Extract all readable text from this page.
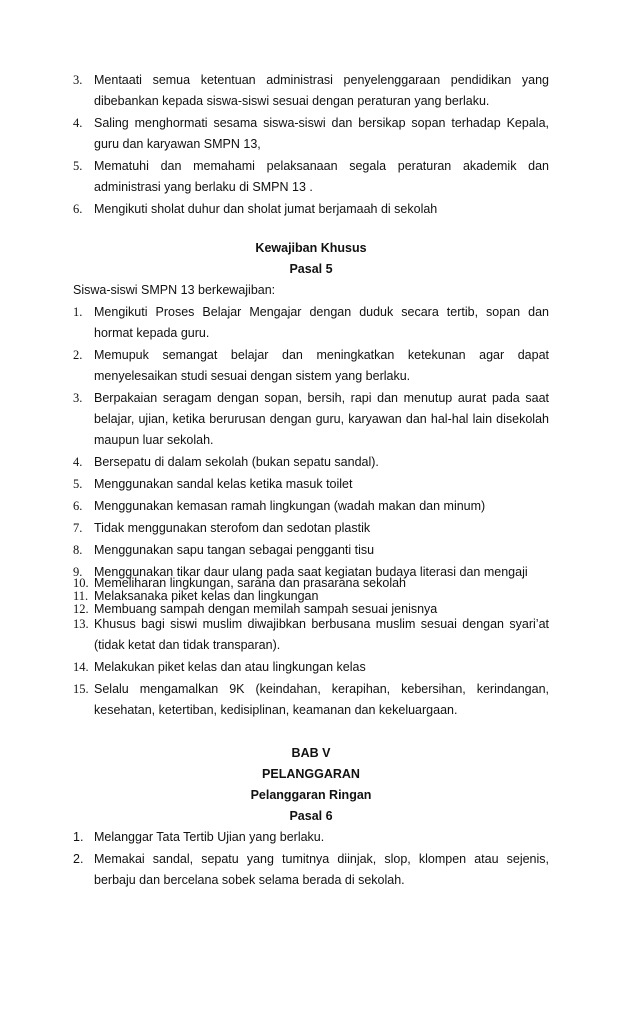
3. Mentaati semua ketentuan administrasi penyelenggaraan pendidikan yang dibebankan kepada siswa-siswi sesuai dengan peraturan yang berlaku.
4. Saling menghormati sesama siswa-siswi dan bersikap sopan terhadap Kepala, guru dan karyawan SMPN 13,
5. Mematuhi dan memahami pelaksanaan segala peraturan akademik dan administrasi yang berlaku di SMPN 13 .
6. Mengikuti sholat duhur dan sholat jumat berjamaah di sekolah
Kewajiban Khusus
Pasal 5
Siswa-siswi SMPN 13 berkewajiban:
1. Mengikuti Proses Belajar Mengajar dengan duduk secara tertib, sopan dan hormat kepada guru.
2. Memupuk semangat belajar dan meningkatkan ketekunan agar dapat menyelesaikan studi sesuai dengan sistem yang berlaku.
3. Berpakaian seragam dengan sopan, bersih, rapi dan menutup aurat pada saat belajar, ujian, ketika berurusan dengan guru, karyawan dan hal-hal lain disekolah maupun luar sekolah.
4. Bersepatu di dalam sekolah (bukan sepatu sandal).
5. Menggunakan sandal kelas ketika masuk toilet
6. Menggunakan kemasan ramah lingkungan (wadah makan dan minum)
7. Tidak menggunakan sterofom dan sedotan plastik
8. Menggunakan sapu tangan sebagai pengganti tisu
9. Menggunakan tikar daur ulang pada saat kegiatan budaya literasi dan mengaji
10. Memeliharan lingkungan, sarana dan prasarana sekolah
11. Melaksanaka piket kelas dan lingkungan
12. Membuang sampah dengan memilah sampah sesuai jenisnya
13. Khusus bagi siswi muslim diwajibkan berbusana muslim sesuai dengan syari’at (tidak ketat dan tidak transparan).
14. Melakukan piket kelas dan atau lingkungan kelas
15. Selalu mengamalkan 9K (keindahan, kerapihan, kebersihan, kerindangan, kesehatan, ketertiban, kedisiplinan, keamanan dan kekeluargaan.
BAB V
PELANGGARAN
Pelanggaran Ringan
Pasal 6
1. Melanggar Tata Tertib Ujian yang berlaku.
2. Memakai sandal, sepatu yang tumitnya diinjak, slop, klompen atau sejenis, berbaju dan bercelana sobek selama berada di sekolah.
